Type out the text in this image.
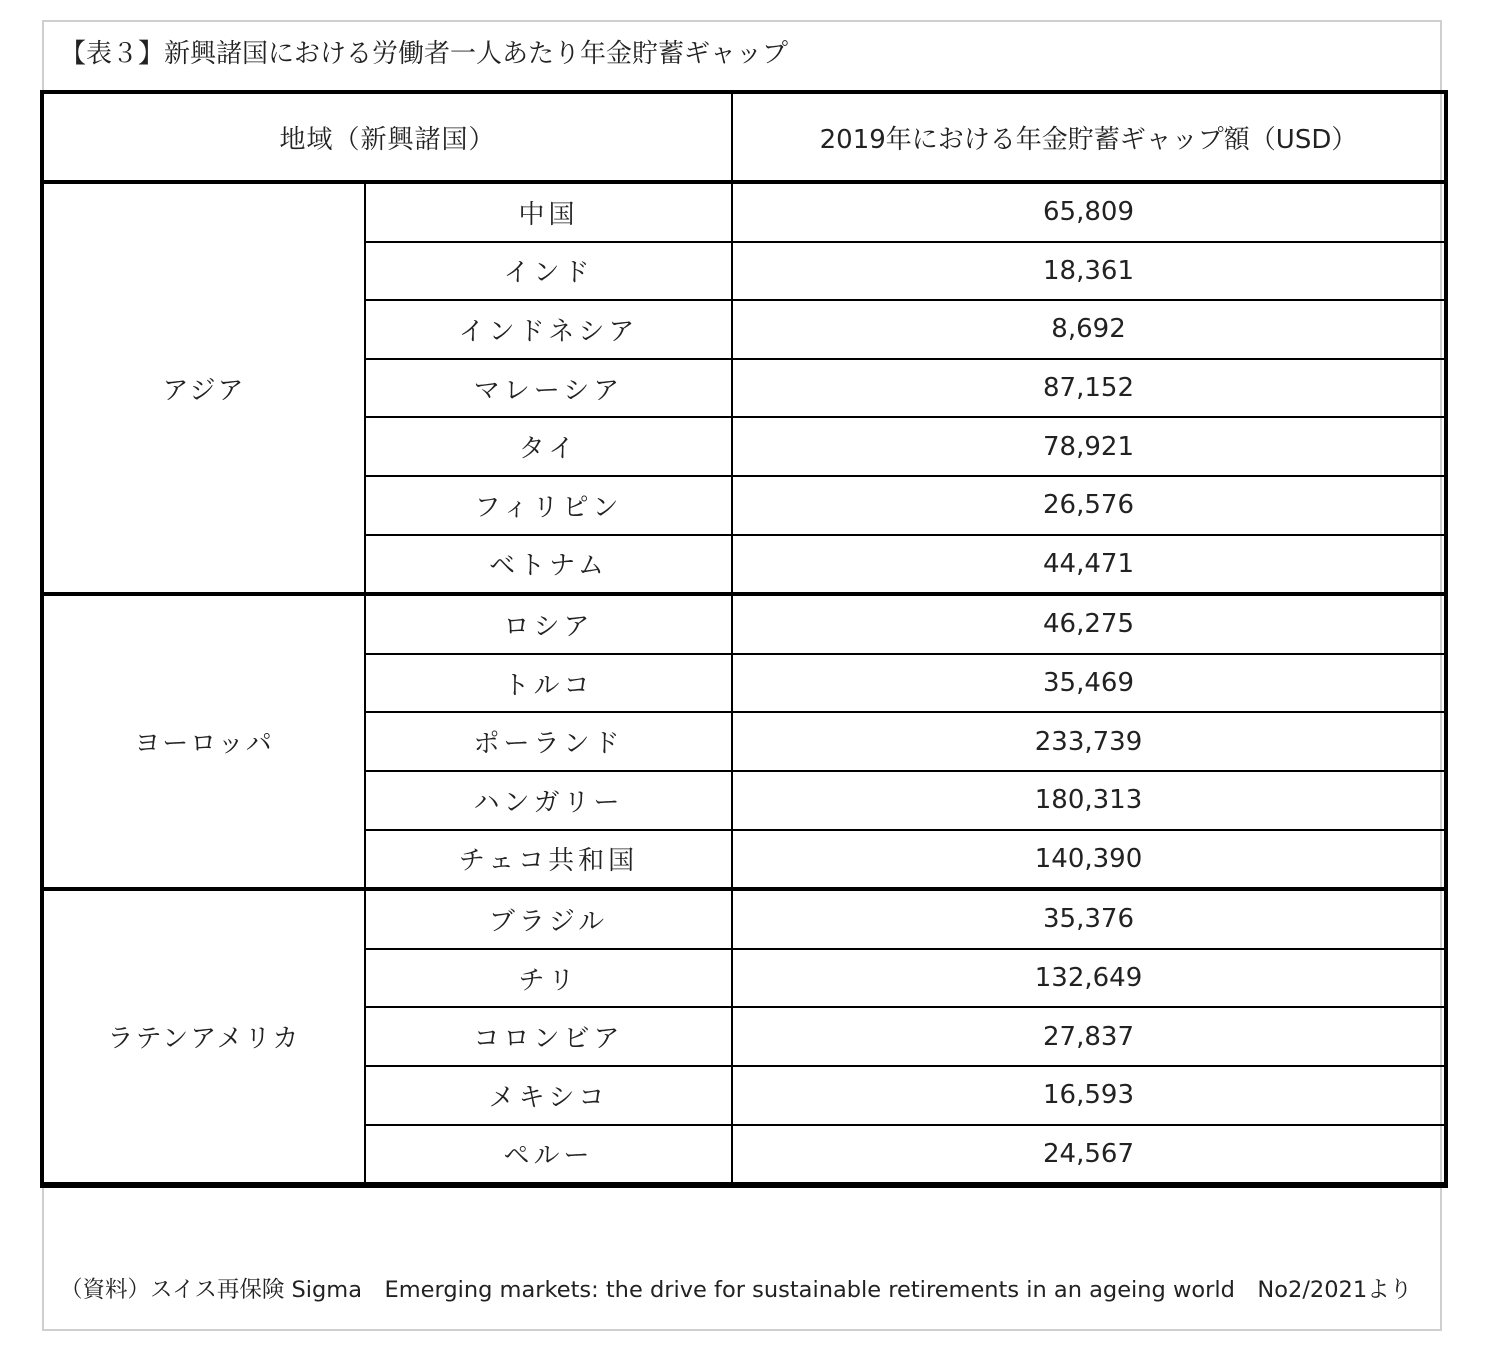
【表３】新興諸国における労働者一人あたり年金貯蓄ギャップ
地域（新興諸国）		2019年における年金貯蓄ギャップ額（USD）
アジア	中国	65,809
	インド	18,361
	インドネシア	8,692
	マレーシア	87,152
	タイ	78,921
	フィリピン	26,576
	ベトナム	44,471
ヨーロッパ	ロシア	46,275
	トルコ	35,469
	ポーランド	233,739
	ハンガリー	180,313
	チェコ共和国	140,390
ラテンアメリカ	ブラジル	35,376
	チリ	132,649
	コロンビア	27,837
	メキシコ	16,593
	ペルー	24,567
（資料）スイス再保険 Sigma　Emerging markets: the drive for sustainable retirements in an ageing world　No2/2021より
